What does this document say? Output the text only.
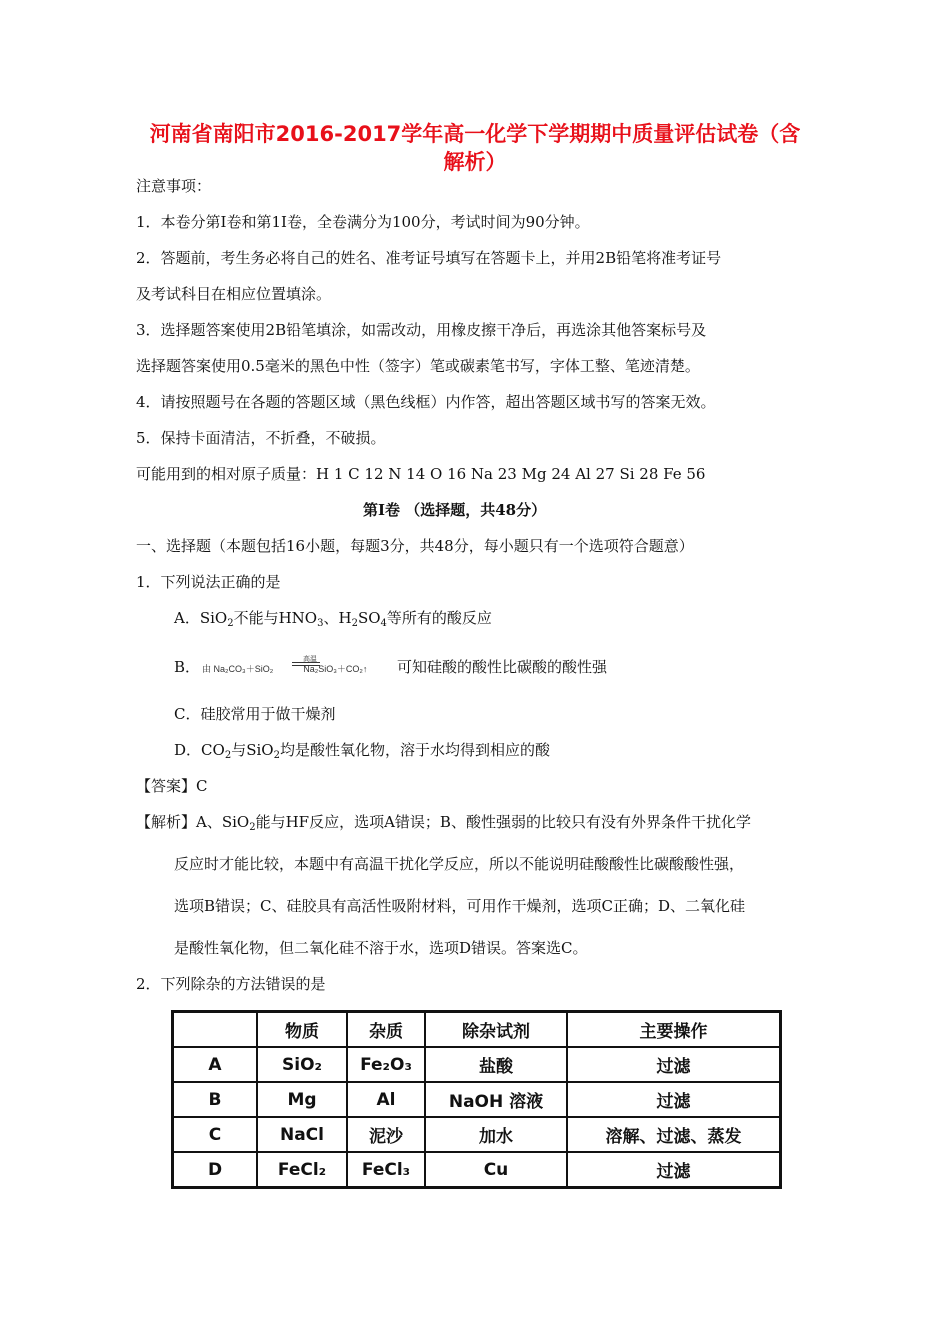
河南省南阳市2016-2017学年高一化学下学期期中质量评估试卷（含
解析）
注意事项：
1．本卷分第Ⅰ卷和第1Ⅰ卷，全卷满分为100分，考试时间为90分钟。
2．答题前，考生务必将自己的姓名、准考证号填写在答题卡上，并用2B铅笔将准考证号
及考试科目在相应位置填涂。
3．选择题答案使用2B铅笔填涂，如需改动，用橡皮擦干净后，再选涂其他答案标号及
选择题答案使用0.5毫米的黑色中性（签字）笔或碳素笔书写，字体工整、笔迹清楚。
4．请按照题号在各题的答题区域（黑色线框）内作答，超出答题区域书写的答案无效。
5．保持卡面清洁，不折叠，不破损。
可能用到的相对原子质量：H 1 C 12 N 14 O 16 Na 23 Mg 24 Al 27 Si 28 Fe 56
第Ⅰ卷 （选择题，共48分）
一、选择题（本题包括16小题，每题3分，共48分，每小题只有一个选项符合题意）
1．下列说法正确的是
A．SiO$_2$不能与$HNO_3$、$H_2SO_4$等所有的酸反应
B． 由 Na₂CO₃＋SiO₂	Na₂SiO₃＋CO₂↑
高温	可知硅酸的酸性比碳酸的酸性强
C．硅胶常用于做干燥剂
D．$CO_2$与SiO$_2$均是酸性氧化物，溶于水均得到相应的酸
【答案】C
【解析】A、SiO$_2$能与HF反应，选项A错误；B、酸性强弱的比较只有没有外界条件干扰化学
反应时才能比较，本题中有高温干扰化学反应，所以不能说明硅酸酸性比碳酸酸性强，
选项B错误；C、硅胶具有高活性吸附材料，可用作干燥剂，选项C正确；D、二氧化硅
是酸性氧化物，但二氧化硅不溶于水，选项D错误。答案选C。
2．下列除杂的方法错误的是
	物质	杂质	除杂试剂	主要操作
A	SiO₂	Fe₂O₃	盐酸	过滤
B	Mg	Al	NaOH 溶液	过滤
C	NaCl	泥沙	加水	溶解、过滤、蒸发
D	FeCl₂	FeCl₃	Cu	过滤
